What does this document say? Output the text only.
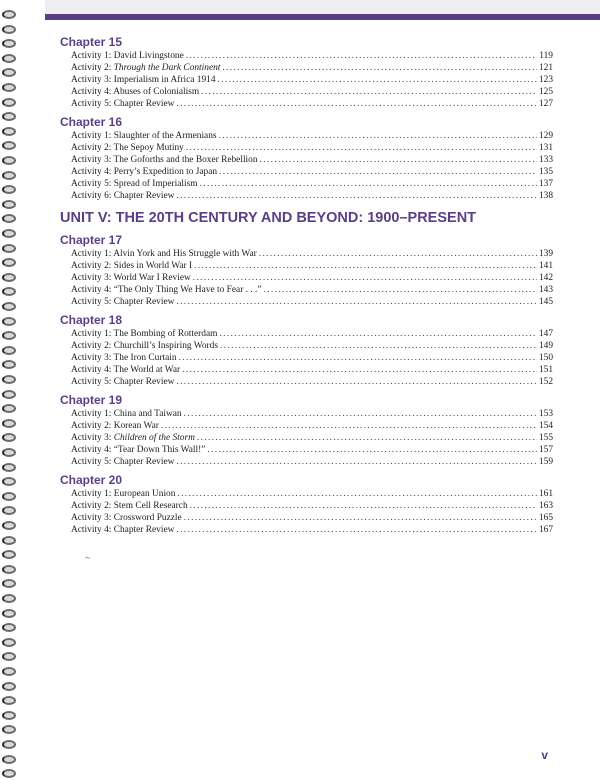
Chapter 15
Activity 1: David Livingstone . . .	119
Activity 2: Through the Dark Continent . . .	121
Activity 3: Imperialism in Africa 1914 . . .	123
Activity 4: Abuses of Colonialism . . .	125
Activity 5: Chapter Review . . .	127
Chapter 16
Activity 1: Slaughter of the Armenians . . .	129
Activity 2: The Sepoy Mutiny . . .	131
Activity 3: The Goforths and the Boxer Rebellion . . .	133
Activity 4: Perry’s Expedition to Japan . . .	135
Activity 5: Spread of Imperialism . . .	137
Activity 6: Chapter Review . . .	138
UNIT V: THE 20TH CENTURY AND BEYOND: 1900–PRESENT
Chapter 17
Activity 1: Alvin York and His Struggle with War . . .	139
Activity 2: Sides in World War I . . .	141
Activity 3: World War I Review . . .	142
Activity 4: “The Only Thing We Have to Fear . . .” . . .	143
Activity 5: Chapter Review . . .	145
Chapter 18
Activity 1: The Bombing of Rotterdam . . .	147
Activity 2: Churchill’s Inspiring Words . . .	149
Activity 3: The Iron Curtain . . .	150
Activity 4: The World at War . . .	151
Activity 5: Chapter Review . . .	152
Chapter 19
Activity 1: China and Taiwan . . .	153
Activity 2: Korean War . . .	154
Activity 3: Children of the Storm . . .	155
Activity 4: “Tear Down This Wall!” . . .	157
Activity 5: Chapter Review . . .	159
Chapter 20
Activity 1: European Union . . .	161
Activity 2: Stem Cell Research . . .	163
Activity 3: Crossword Puzzle . . .	165
Activity 4: Chapter Review . . .	167
~
v
